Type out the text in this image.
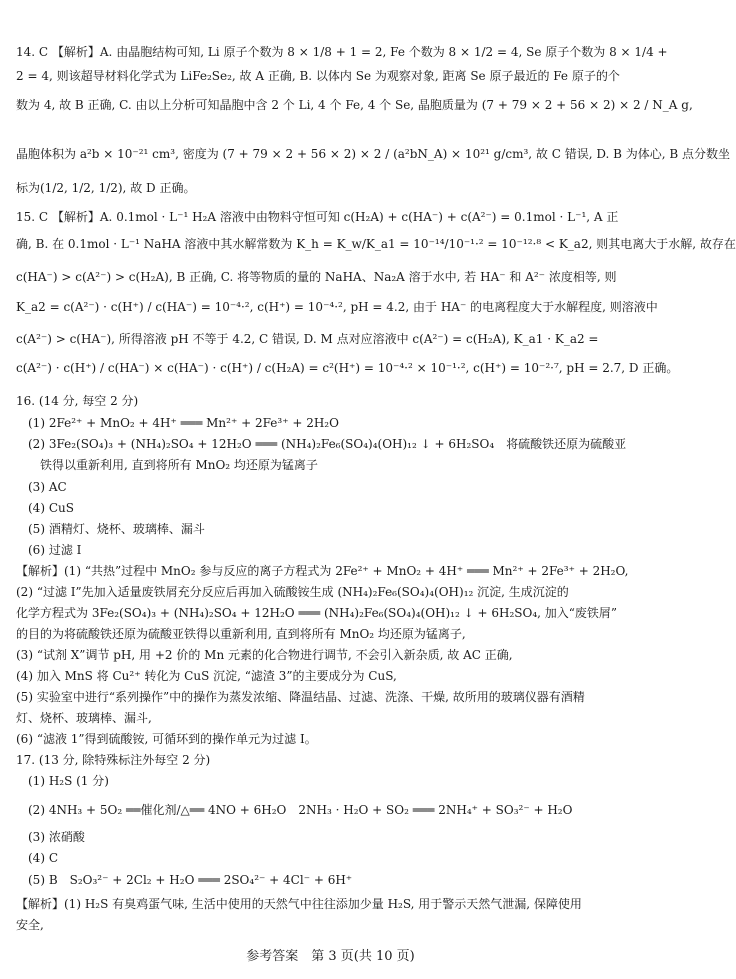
14. C 【解析】A. 由晶胞结构可知, Li 原子个数为 8 × 1/8 + 1 = 2, Fe 个数为 8 × 1/2 = 4, Se 原子个数为 8 × 1/4 +
2 = 4, 则该超导材料化学式为 LiFe₂Se₂, 故 A 正确, B. 以体内 Se 为观察对象, 距离 Se 原子最近的 Fe 原子的个
数为 4, 故 B 正确, C. 由以上分析可知晶胞中含 2 个 Li, 4 个 Fe, 4 个 Se, 晶胞质量为 (7 + 79 × 2 + 56 × 2) × 2 / N_A g,
晶胞体积为 a²b × 10⁻²¹ cm³, 密度为 (7 + 79 × 2 + 56 × 2) × 2 / (a²bN_A) × 10²¹ g/cm³, 故 C 错误, D. B 为体心, B 点分数坐
标为(1/2, 1/2, 1/2), 故 D 正确。
15. C 【解析】A. 0.1mol · L⁻¹ H₂A 溶液中由物料守恒可知 c(H₂A) + c(HA⁻) + c(A²⁻) = 0.1mol · L⁻¹, A 正
确, B. 在 0.1mol · L⁻¹ NaHA 溶液中其水解常数为 K_h = K_w/K_a1 = 10⁻¹⁴/10⁻¹·² = 10⁻¹²·⁸ < K_a2, 则其电离大于水解, 故存在
c(HA⁻) > c(A²⁻) > c(H₂A), B 正确, C. 将等物质的量的 NaHA、Na₂A 溶于水中, 若 HA⁻ 和 A²⁻ 浓度相等, 则
K_a2 = c(A²⁻) · c(H⁺) / c(HA⁻) = 10⁻⁴·², c(H⁺) = 10⁻⁴·², pH = 4.2, 由于 HA⁻ 的电离程度大于水解程度, 则溶液中
c(A²⁻) > c(HA⁻), 所得溶液 pH 不等于 4.2, C 错误, D. M 点对应溶液中 c(A²⁻) = c(H₂A), K_a1 · K_a2 =
c(A²⁻) · c(H⁺) / c(HA⁻) × c(HA⁻) · c(H⁺) / c(H₂A) = c²(H⁺) = 10⁻⁴·² × 10⁻¹·², c(H⁺) = 10⁻²·⁷, pH = 2.7, D 正确。
16. (14 分, 每空 2 分)
(1) 2Fe²⁺ + MnO₂ + 4H⁺ ═══ Mn²⁺ + 2Fe³⁺ + 2H₂O
(2) 3Fe₂(SO₄)₃ + (NH₄)₂SO₄ + 12H₂O ═══ (NH₄)₂Fe₆(SO₄)₄(OH)₁₂ ↓ + 6H₂SO₄　将硫酸铁还原为硫酸亚
铁得以重新利用, 直到将所有 MnO₂ 均还原为锰离子
(3) AC
(4) CuS
(5) 酒精灯、烧杯、玻璃棒、漏斗
(6) 过滤 Ⅰ
【解析】(1) “共热”过程中 MnO₂ 参与反应的离子方程式为 2Fe²⁺ + MnO₂ + 4H⁺ ═══ Mn²⁺ + 2Fe³⁺ + 2H₂O,
(2) “过滤 Ⅰ”先加入适量废铁屑充分反应后再加入硫酸铵生成 (NH₄)₂Fe₆(SO₄)₄(OH)₁₂ 沉淀, 生成沉淀的
化学方程式为 3Fe₂(SO₄)₃ + (NH₄)₂SO₄ + 12H₂O ═══ (NH₄)₂Fe₆(SO₄)₄(OH)₁₂ ↓ + 6H₂SO₄, 加入“废铁屑”
的目的为将硫酸铁还原为硫酸亚铁得以重新利用, 直到将所有 MnO₂ 均还原为锰离子,
(3) “试剂 X”调节 pH, 用 +2 价的 Mn 元素的化合物进行调节, 不会引入新杂质, 故 AC 正确,
(4) 加入 MnS 将 Cu²⁺ 转化为 CuS 沉淀, “滤渣 3”的主要成分为 CuS,
(5) 实验室中进行“系列操作”中的操作为蒸发浓缩、降温结晶、过滤、洗涤、干燥, 故所用的玻璃仪器有酒精
灯、烧杯、玻璃棒、漏斗,
(6) “滤液 1”得到硫酸铵, 可循环到的操作单元为过滤 Ⅰ。
17. (13 分, 除特殊标注外每空 2 分)
(1) H₂S (1 分)
(2) 4NH₃ + 5O₂ ══催化剂/△══ 4NO + 6H₂O　2NH₃ · H₂O + SO₂ ═══ 2NH₄⁺ + SO₃²⁻ + H₂O
(3) 浓硝酸
(4) C
(5) B　S₂O₃²⁻ + 2Cl₂ + H₂O ═══ 2SO₄²⁻ + 4Cl⁻ + 6H⁺
【解析】(1) H₂S 有臭鸡蛋气味, 生活中使用的天然气中往往添加少量 H₂S, 用于警示天然气泄漏, 保障使用
安全,
参考答案　第 3 页(共 10 页)
